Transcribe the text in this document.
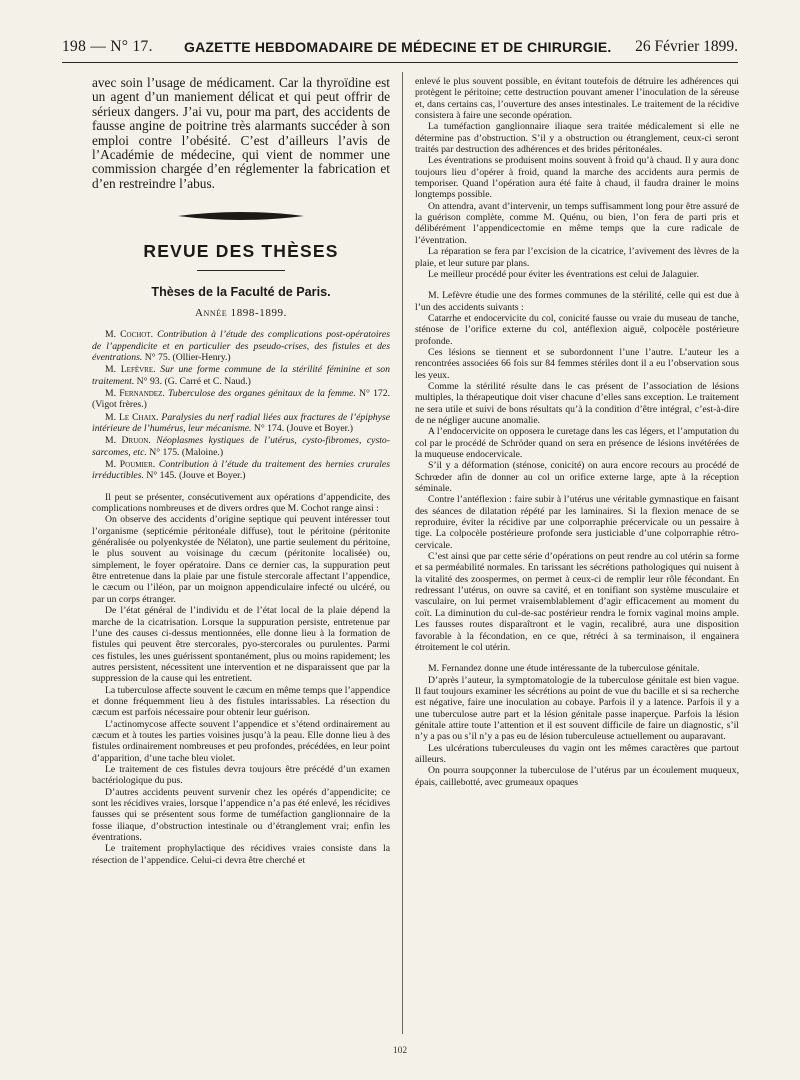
198 — N° 17. GAZETTE HEBDOMADAIRE DE MÉDECINE ET DE CHIRURGIE. 26 Février 1899.

avec soin l’usage de médicament. Car la thyroïdine est un agent d’un maniement délicat et qui peut offrir de sérieux dangers. J’ai vu, pour ma part, des accidents de fausse angine de poitrine très alarmants succéder à son emploi contre l’obésité. C’est d’ailleurs l’avis de l’Académie de médecine, qui vient de nommer une commission chargée d’en réglementer la fabrication et d’en restreindre l’abus.

REVUE DES THÈSES
Thèses de la Faculté de Paris.
Année 1898-1899.

M. Cochot. Contribution à l’étude des complications post-opératoires de l’appendicite et en particulier des pseudo-crises, des fistules et des éventrations. N° 75. (Ollier-Henry.)

M. Lefèvre. Sur une forme commune de la stérilité féminine et son traitement. N° 93. (G. Carré et C. Naud.)

M. Fernandez. Tuberculose des organes génitaux de la femme. N° 172. (Vigot frères.)

M. Le Chaix. Paralysies du nerf radial liées aux fractures de l’épiphyse intérieure de l’humérus, leur mécanisme. N° 174. (Jouve et Boyer.)

M. Druon. Néoplasmes kystiques de l’utérus, cysto-fibromes, cysto-sarcomes, etc. N° 175. (Maloine.)

M. Poumier. Contribution à l’étude du traitement des hernies crurales irréductibles. N° 145. (Jouve et Boyer.)

Il peut se présenter, consécutivement aux opérations d’appendicite, des complications nombreuses et de divers ordres que M. Cochot range ainsi :

On observe des accidents d’origine septique qui peuvent intéresser tout l’organisme (septicémie péritonéale diffuse), tout le péritoine (péritonite généralisée ou polyenkystée de Nélaton), une partie seulement du péritoine, le plus souvent au voisinage du cæcum (péritonite localisée) ou, simplement, le foyer opératoire. Dans ce dernier cas, la suppuration peut être entretenue dans la plaie par une fistule stercorale affectant l’appendice, le cæcum ou l’iléon, par un moignon appendiculaire infecté ou ulcéré, ou par un corps étranger.

De l’état général de l’individu et de l’état local de la plaie dépend la marche de la cicatrisation. Lorsque la suppuration persiste, entretenue par l’une des causes ci-dessus mentionnées, elle donne lieu à la formation de fistules qui peuvent être stercorales, pyo-stercorales ou purulentes. Parmi ces fistules, les unes guérissent spontanément, plus ou moins rapidement; les autres persistent, nécessitent une intervention et ne disparaissent que par la suppression de la cause qui les entretient.

La tuberculose affecte souvent le cæcum en même temps que l’appendice et donne fréquemment lieu à des fistules intarissables. La résection du cæcum est parfois nécessaire pour obtenir leur guérison.

L’actinomycose affecte souvent l’appendice et s’étend ordinairement au cæcum et à toutes les parties voisines jusqu’à la peau. Elle donne lieu à des fistules ordinairement nombreuses et peu profondes, précédées, en leur point d’apparition, d’une tache bleu violet.

Le traitement de ces fistules devra toujours être précédé d’un examen bactériologique du pus.

D’autres accidents peuvent survenir chez les opérés d’appendicite; ce sont les récidives vraies, lorsque l’appendice n’a pas été enlevé, les récidives fausses qui se présentent sous forme de tuméfaction ganglionnaire de la fosse iliaque, d’obstruction intestinale ou d’étranglement vrai; enfin les éventrations.

Le traitement prophylactique des récidives vraies consiste dans la résection de l’appendice. Celui-ci devra être cherché et

enlevé le plus souvent possible, en évitant toutefois de détruire les adhérences qui protègent le péritoine; cette destruction pouvant amener l’inoculation de la séreuse et, dans certains cas, l’ouverture des anses intestinales. Le traitement de la récidive consistera à faire une seconde opération.

La tuméfaction ganglionnaire iliaque sera traitée médicalement si elle ne détermine pas d’obstruction. S’il y a obstruction ou étranglement, ceux-ci seront traités par destruction des adhérences et des brides péritonéales.

Les éventrations se produisent moins souvent à froid qu’à chaud. Il y aura donc toujours lieu d’opérer à froid, quand la marche des accidents aura permis de temporiser. Quand l’opération aura été faite à chaud, il faudra drainer le moins longtemps possible.

On attendra, avant d’intervenir, un temps suffisamment long pour être assuré de la guérison complète, comme M. Quénu, ou bien, l’on fera de parti pris et délibérément l’appendicectomie en même temps que la cure radicale de l’éventration.

La réparation se fera par l’excision de la cicatrice, l’avivement des lèvres de la plaie, et leur suture par plans.

Le meilleur procédé pour éviter les éventrations est celui de Jalaguier.

M. Lefèvre étudie une des formes communes de la stérilité, celle qui est due à l’un des accidents suivants :

Catarrhe et endocervicite du col, conicité fausse ou vraie du museau de tanche, sténose de l’orifice externe du col, antéflexion aiguë, colpocèle postérieure profonde.

Ces lésions se tiennent et se subordonnent l’une l’autre. L’auteur les a rencontrées associées 66 fois sur 84 femmes stériles dont il a eu l’observation sous les yeux.

Comme la stérilité résulte dans le cas présent de l’association de lésions multiples, la thérapeutique doit viser chacune d’elles sans exception. Le traitement ne sera utile et suivi de bons résultats qu’à la condition d’être intégral, c’est-à-dire de ne négliger aucune anomalie.

A l’endocervicite on opposera le curetage dans les cas légers, et l’amputation du col par le procédé de Schröder quand on sera en présence de lésions invétérées de la muqueuse endocervicale.

S’il y a déformation (sténose, conicité) on aura encore recours au procédé de Schrœder afin de donner au col un orifice externe large, apte à la réception séminale.

Contre l’antéflexion : faire subir à l’utérus une véritable gymnastique en faisant des séances de dilatation répété par les laminaires. Si la flexion menace de se reproduire, éviter la récidive par une colporraphie précervicale ou un pessaire à tige. La colpocèle postérieure profonde sera justiciable d’une colporraphie rétro-cervicale.

C’est ainsi que par cette série d’opérations on peut rendre au col utérin sa forme et sa perméabilité normales. En tarissant les sécrétions pathologiques qui nuisent à la vitalité des zoospermes, on permet à ceux-ci de remplir leur rôle fécondant. En redressant l’utérus, on ouvre sa cavité, et en tonifiant son système musculaire et vasculaire, on lui permet vraisemblablement d’agir efficacement au moment du coït. La diminution du cul-de-sac postérieur rendra le fornix vaginal moins ample. Les fausses routes disparaîtront et le vagin, recalibré, aura une disposition favorable à la fécondation, en ce que, rétréci à sa terminaison, il engainera étroitement le col utérin.

M. Fernandez donne une étude intéressante de la tuberculose génitale.

D’après l’auteur, la symptomatologie de la tuberculose génitale est bien vague. Il faut toujours examiner les sécrétions au point de vue du bacille et si sa recherche est négative, faire une inoculation au cobaye. Parfois il y a latence. Parfois il y a une tuberculose autre part et la lésion génitale passe inaperçue. Parfois la lésion génitale attire toute l’attention et il est souvent difficile de faire un diagnostic, s’il n’y a pas ou s’il n’y a pas eu de lésion tuberculeuse actuellement ou auparavant.

Les ulcérations tuberculeuses du vagin ont les mêmes caractères que partout ailleurs.

On pourra soupçonner la tuberculose de l’utérus par un écoulement muqueux, épais, caillebotté, avec grumeaux opaques

102
